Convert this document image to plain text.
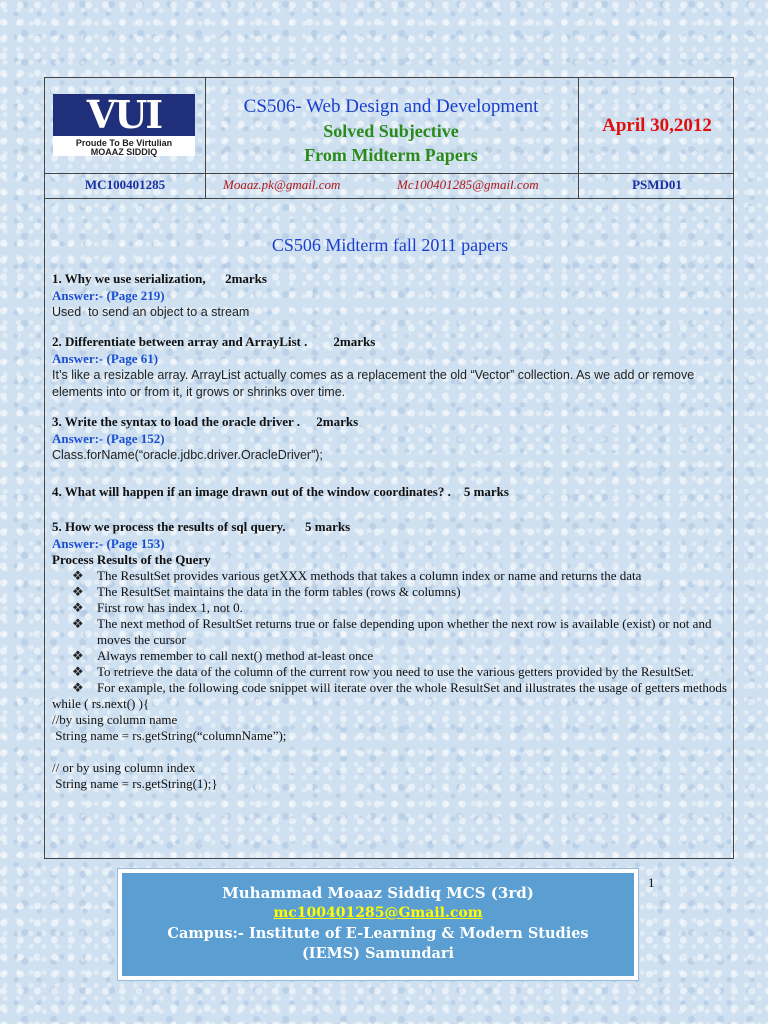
VUI
Proude To Be Virtulian
MOAAZ SIDDIQ
CS506- Web Design and Development
Solved Subjective
From Midterm Papers
April 30,2012
MC100401285	Moaaz.pk@gmail.com	Mc100401285@gmail.com	PSMD01
CS506 Midterm fall 2011 papers
1. Why we use serialization,      2marks
Answer:- (Page 219)
Used  to send an object to a stream
2. Differentiate between array and ArrayList .        2marks
Answer:- (Page 61)
It’s like a resizable array. ArrayList actually comes as a replacement the old “Vector” collection. As we add or remove elements into or from it, it grows or shrinks over time.
3. Write the syntax to load the oracle driver .     2marks
Answer:- (Page 152)
Class.forName(“oracle.jdbc.driver.OracleDriver”);
4. What will happen if an image drawn out of the window coordinates? .    5 marks
5. How we process the results of sql query.      5 marks
Answer:- (Page 153)
Process Results of the Query
❖ The ResultSet provides various getXXX methods that takes a column index or name and returns the data
❖ The ResultSet maintains the data in the form tables (rows & columns)
❖ First row has index 1, not 0.
❖ The next method of ResultSet returns true or false depending upon whether the next row is available (exist) or not and moves the cursor
❖ Always remember to call next() method at-least once
❖ To retrieve the data of the column of the current row you need to use the various getters provided by the ResultSet.
❖ For example, the following code snippet will iterate over the whole ResultSet and illustrates the usage of getters methods
while ( rs.next() ){
//by using column name
String name = rs.getString(“columnName”);
// or by using column index
String name = rs.getString(1);}
Muhammad Moaaz Siddiq MCS (3rd)
mc100401285@Gmail.com
Campus:- Institute of E-Learning & Modern Studies
(IEMS) Samundari
1
